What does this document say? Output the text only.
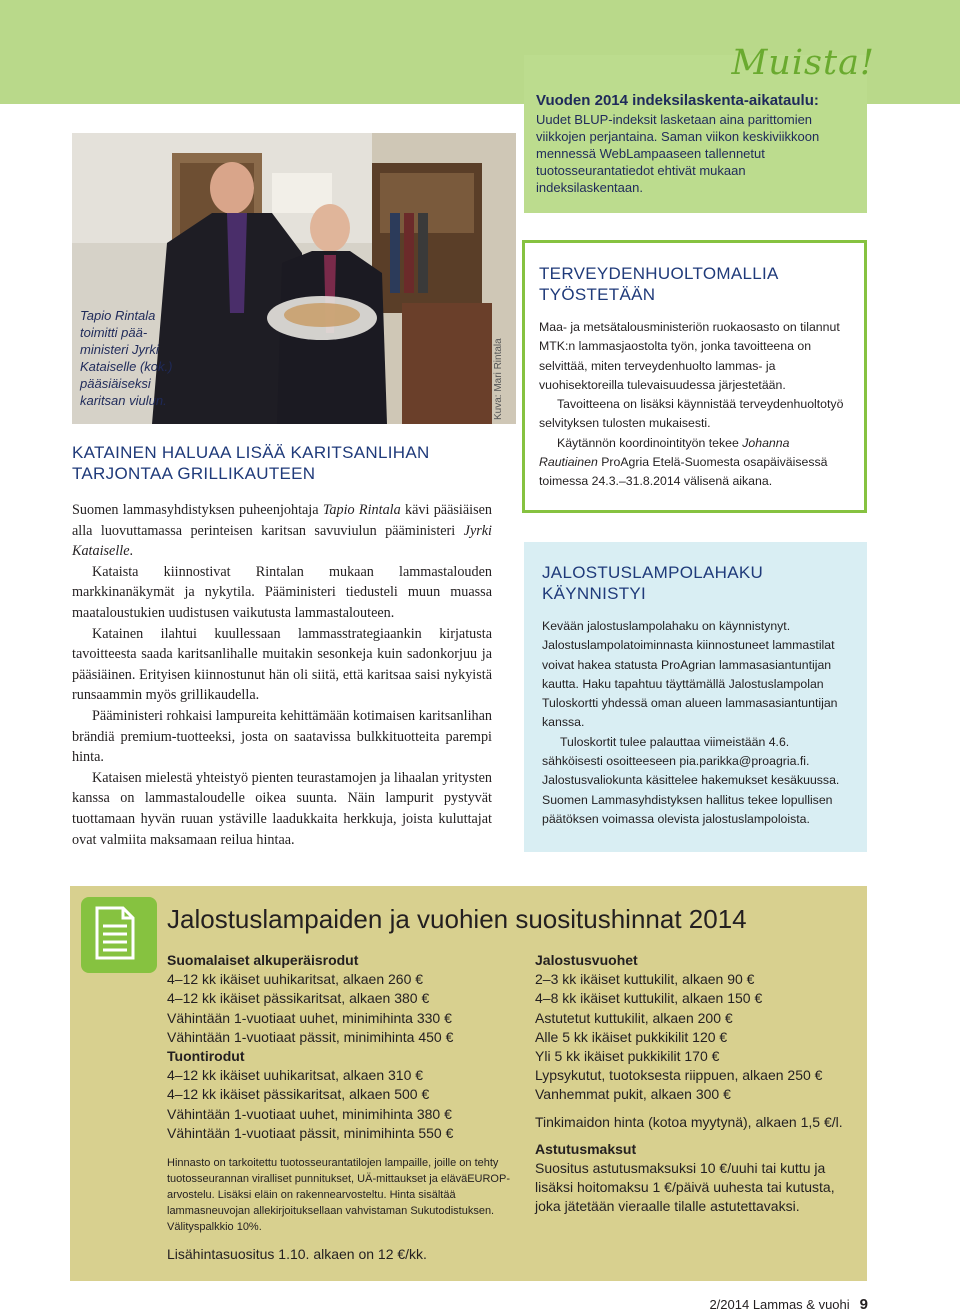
Muista!
Vuoden 2014 indeksilaskenta-aikataulu:
Uudet BLUP-indeksit lasketaan aina parittomien viikkojen perjantaina. Saman viikon keskiviikkoon mennessä WebLampaaseen tallennetut tuotosseurantatiedot ehtivät mukaan indeksilaskentaan.
Tapio Rintala toimitti pää-
ministeri Jyrki Kataiselle (kok.) pääsiäiseksi karitsan viulun.	Kuva: Mari Rintala
KATAINEN HALUAA LISÄÄ KARITSANLIHAN
TARJONTAA GRILLIKAUTEEN

Suomen lammasyhdistyksen puheenjohtaja Tapio Rintala kävi pääsiäisen alla luovuttamassa perinteisen karitsan savuviulun pääministeri Jyrki Kataiselle.

Kataista kiinnostivat Rintalan mukaan lammastalouden markkinanäkymät ja nykytila. Pääministeri tiedusteli muun muassa maataloustukien uudistusen vaikutusta lammastalouteen.

Katainen ilahtui kuullessaan lammasstrategiaankin kirjatusta tavoitteesta saada karitsanlihalle muitakin sesonkeja kuin sadonkorjuu ja pääsiäinen. Erityisen kiinnostunut hän oli siitä, että karitsaa saisi nykyistä runsaammin myös grillikaudella.

Pääministeri rohkaisi lampureita kehittämään kotimaisen karitsanlihan brändiä premium-tuotteeksi, josta on saatavissa bulkkituotteita parempi hinta.

Kataisen mielestä yhteistyö pienten teurastamojen ja lihaalan yritysten kanssa on lammastaloudelle oikea suunta. Näin lampurit pystyvät tuottamaan hyvän ruuan ystäville laadukkaita herkkuja, joista kuluttajat ovat valmiita maksamaan reilua hintaa.

TERVEYDENHUOLTOMALLIA
TYÖSTETÄÄN

Maa- ja metsätalousministeriön ruokaosasto on tilannut MTK:n lammasjaostolta työn, jonka tavoitteena on selvittää, miten terveydenhuolto lammas- ja vuohisektoreilla tulevaisuudessa järjestetään.

Tavoitteena on lisäksi käynnistää terveydenhuoltotyö selvityksen tulosten mukaisesti.

Käytännön koordinointityön tekee Johanna Rautiainen ProAgria Etelä-Suomesta osapäiväisessä toimessa 24.3.–31.8.2014 välisenä aikana.

JALOSTUSLAMPOLAHAKU
KÄYNNISTYI

Kevään jalostuslampolahaku on käynnistynyt. Jalostuslampolatoiminnasta kiinnostuneet lammastilat voivat hakea statusta ProAgrian lammasasiantuntijan kautta. Haku tapahtuu täyttämällä Jalostuslampolan Tuloskortti yhdessä oman alueen lammasasiantuntijan kanssa.

Tuloskortit tulee palauttaa viimeistään 4.6. sähköisesti osoitteeseen pia.parikka@proagria.fi. Jalostusvaliokunta käsittelee hakemukset kesäkuussa. Suomen Lammasyhdistyksen hallitus tekee lopullisen päätöksen voimassa olevista jalostuslampoloista.

Jalostuslampaiden ja vuohien suositushinnat 2014
Suomalaiset alkuperäisrodut
4–12 kk ikäiset uuhikaritsat, alkaen 260 €
4–12 kk ikäiset pässikaritsat, alkaen 380 €
Vähintään 1-vuotiaat uuhet, minimihinta 330 €
Vähintään 1-vuotiaat pässit, minimihinta 450 €
Tuontirodut
4–12 kk ikäiset uuhikaritsat, alkaen 310 €
4–12 kk ikäiset pässikaritsat, alkaen 500 €
Vähintään 1-vuotiaat uuhet, minimihinta 380 €
Vähintään 1-vuotiaat pässit, minimihinta 550 €
Hinnasto on tarkoitettu tuotosseurantatilojen lampaille, joille on tehty tuotosseurannan viralliset punnitukset, UÄ-mittaukset ja eläväEUROP-arvostelu. Lisäksi eläin on rakennearvosteltu. Hinta sisältää lammasneuvojan allekirjoituksellaan vahvistaman Sukutodistuksen. Välityspalkkio 10%.
Lisähintasuositus 1.10. alkaen on 12 €/kk.
Jalostusvuohet
2–3 kk ikäiset kuttukilit, alkaen 90 €
4–8 kk ikäiset kuttukilit, alkaen 150 €
Astutetut kuttukilit, alkaen 200 €
Alle 5 kk ikäiset pukkikilit 120 €
Yli 5 kk ikäiset pukkikilit 170 €
Lypsykutut, tuotoksesta riippuen, alkaen 250 €
Vanhemmat pukit, alkaen 300 €
Tinkimaidon hinta (kotoa myytynä), alkaen 1,5 €/l.
Astutusmaksut
Suositus astutusmaksuksi 10 €/uuhi tai kuttu ja lisäksi hoitomaksu 1 €/päivä uuhesta tai kutusta, joka jätetään vieraalle tilalle astutettavaksi.
2/2014 Lammas & vuohi 9
